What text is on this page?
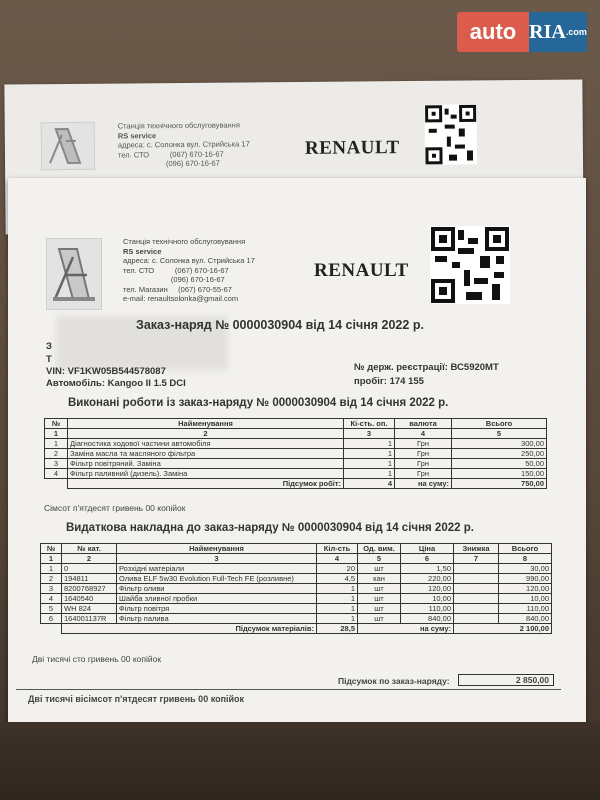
auto RIA .com
Станція технічного обслуговування
RS service
адреса: с. Солонка вул. Стрийська 17
тел. СТО          (067) 670-16-67
(096) 670-16-67
RENAULT
Станція технічного обслуговування
RS service
адреса: с. Солонка вул. Стрийська 17
тел. СТО          (067) 670-16-67
(096) 670-16-67
тел. Магазин     (067) 670-55-67
e-mail: renaultsolonka@gmail.com
RENAULT
Заказ-наряд № 0000030904 від 14 січня 2022 р.
З
Т
VIN: VF1KW05B544578087
Автомобіль: Kangoo II 1.5 DCI
№ держ. реєстрації: ВС5920МТ
пробіг: 174 155
Виконані роботи із заказ-наряду № 0000030904 від 14 січня 2022 р.
№	Найменування	Кі-сть. оп.	валюта	Всього
1	2	3	4	5
1	Діагностика ходової частини автомобіля	1	Грн	300,00
2	Заміна масла та масляного фільтра	1	Грн	250,00
3	Фільтр повітряний. Заміна	1	Грн	50,00
4	Фільтр паливний (дизель). Заміна	1	Грн	150,00
	Підсумок робіт:	4	на суму:	750,00
Сімсот п'ятдесят гривень 00 копійок
Видаткова накладна до заказ-наряду № 0000030904 від 14 січня 2022 р.
№	№ кат.	Найменування	Кіл-сть	Од. вим.	Ціна	Знижка	Всього
1	2	3	4	5	6	7	8
1	0	Розхідні матеріали	20	шт	1,50		30,00
2	194811	Олива ELF 5w30 Evolution Full-Tech FE (розливне)	4,5	кан	220,00		990,00
3	8200768927	Фільтр оливи	1	шт	120,00		120,00
4	1640540	Шайба зливної пробки	1	шт	10,00		10,00
5	WH 824	Фільтр повітря	1	шт	110,00		110,00
6	164001137R	Фільтр палива	1	шт	840,00		840,00
	Підсумок матеріалів:		28,5	на суму:		2 100,00	
Дві тисячі сто гривень 00 копійок
Підсумок по заказ-наряду:	2 850,00
Дві тисячі вісімсот п'ятдесят гривень 00 копійок
